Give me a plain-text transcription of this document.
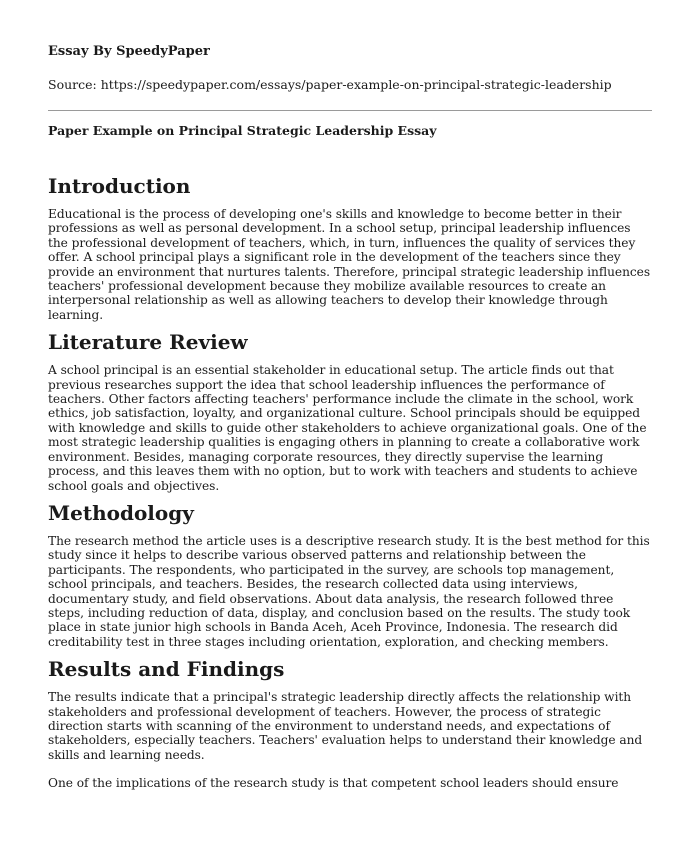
Essay By SpeedyPaper
Source: https://speedypaper.com/essays/paper-example-on-principal-strategic-leadership
Paper Example on Principal Strategic Leadership Essay
Introduction

Educational is the process of developing one's skills and knowledge to become better in their professions as well as personal development. In a school setup, principal leadership influences the professional development of teachers, which, in turn, influences the quality of services they offer. A school principal plays a significant role in the development of the teachers since they provide an environment that nurtures talents. Therefore, principal strategic leadership influences teachers' professional development because they mobilize available resources to create an interpersonal relationship as well as allowing teachers to develop their knowledge through learning.

Literature Review

A school principal is an essential stakeholder in educational setup. The article finds out that previous researches support the idea that school leadership influences the performance of teachers. Other factors affecting teachers' performance include the climate in the school, work ethics, job satisfaction, loyalty, and organizational culture. School principals should be equipped with knowledge and skills to guide other stakeholders to achieve organizational goals. One of the most strategic leadership qualities is engaging others in planning to create a collaborative work environment. Besides, managing corporate resources, they directly supervise the learning process, and this leaves them with no option, but to work with teachers and students to achieve school goals and objectives.

Methodology

The research method the article uses is a descriptive research study. It is the best method for this study since it helps to describe various observed patterns and relationship between the participants. The respondents, who participated in the survey, are schools top management, school principals, and teachers. Besides, the research collected data using interviews, documentary study, and field observations. About data analysis, the research followed three steps, including reduction of data, display, and conclusion based on the results. The study took place in state junior high schools in Banda Aceh, Aceh Province, Indonesia. The research did creditability test in three stages including orientation, exploration, and checking members.

Results and Findings

The results indicate that a principal's strategic leadership directly affects the relationship with stakeholders and professional development of teachers. However, the process of strategic direction starts with scanning of the environment to understand needs, and expectations of stakeholders, especially teachers. Teachers' evaluation helps to understand their knowledge and skills and learning needs.

One of the implications of the research study is that competent school leaders should ensure
